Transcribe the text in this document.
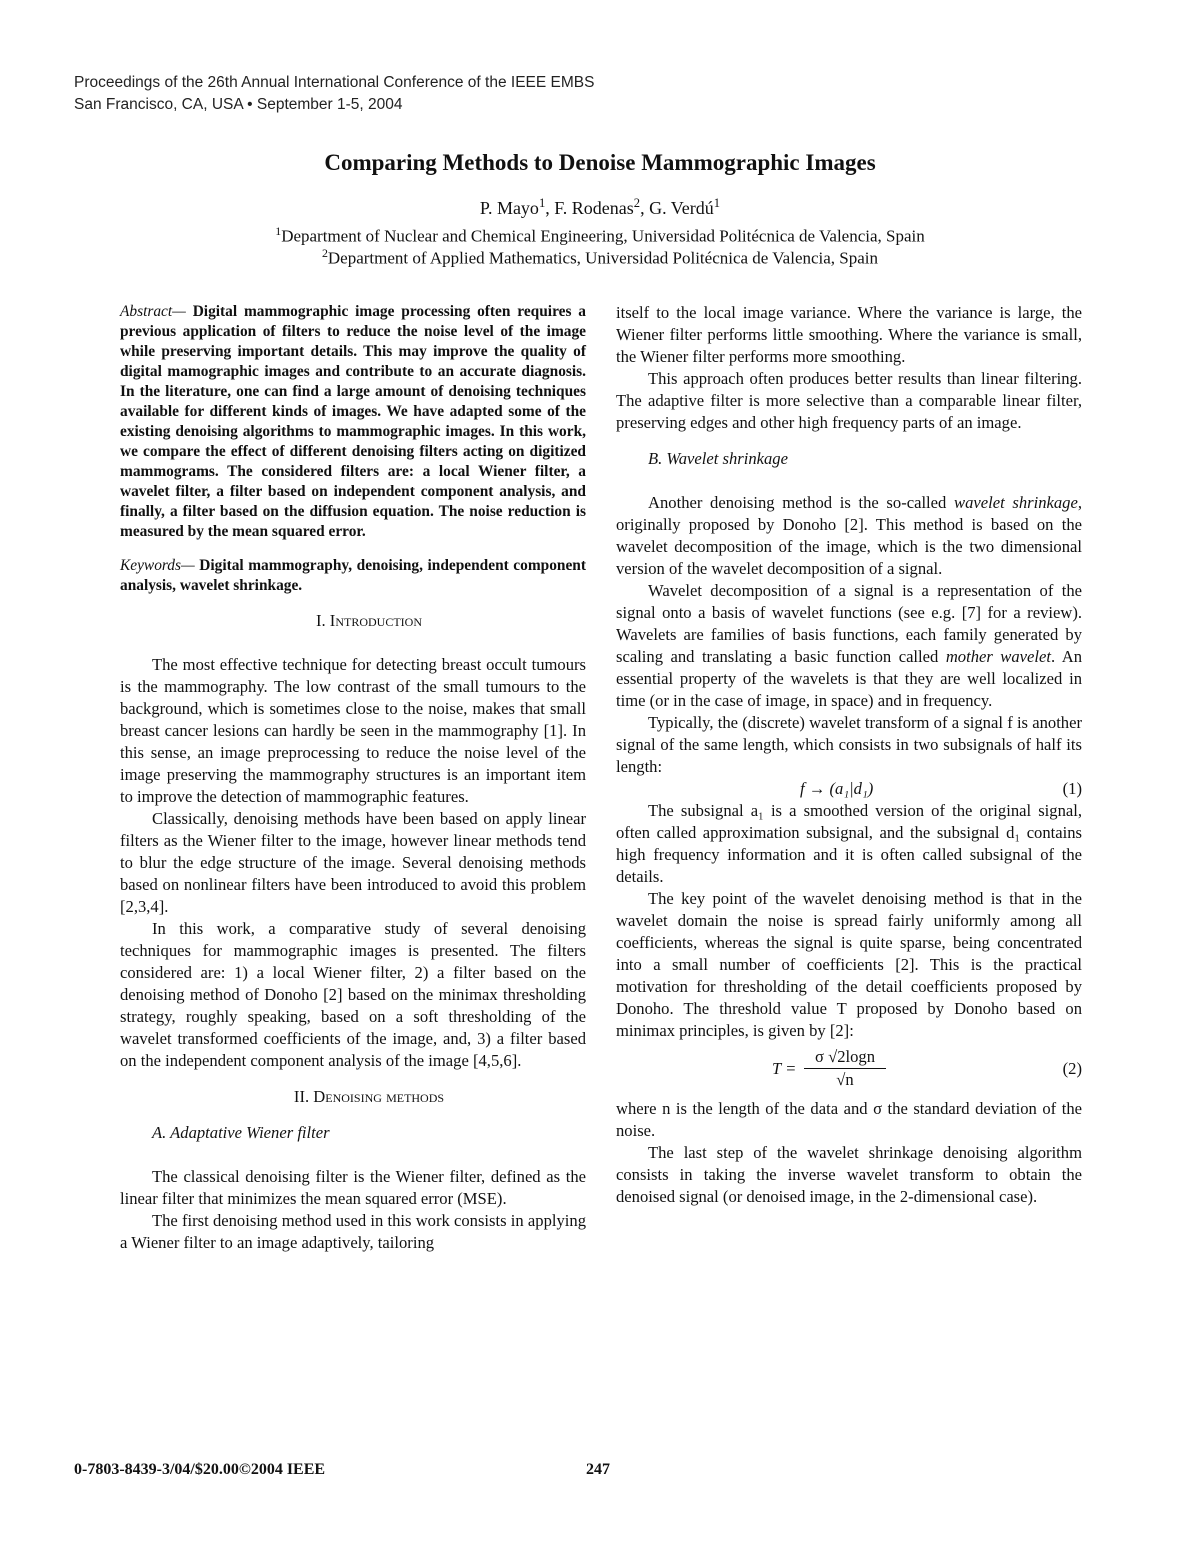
Proceedings of the 26th Annual International Conference of the IEEE EMBS
San Francisco, CA, USA • September 1-5, 2004
Comparing Methods to Denoise Mammographic Images
P. Mayo$^1$, F. Rodenas$^2$, G. Verdú$^1$
$^1$Department of Nuclear and Chemical Engineering, Universidad Politécnica de Valencia, Spain
$^2$Department of Applied Mathematics, Universidad Politécnica de Valencia, Spain

Abstract— Digital mammographic image processing often requires a previous application of filters to reduce the noise level of the image while preserving important details. This may improve the quality of digital mamographic images and contribute to an accurate diagnosis. In the literature, one can find a large amount of denoising techniques available for different kinds of images. We have adapted some of the existing denoising algorithms to mammographic images. In this work, we compare the effect of different denoising filters acting on digitized mammograms. The considered filters are: a local Wiener filter, a wavelet filter, a filter based on independent component analysis, and finally, a filter based on the diffusion equation. The noise reduction is measured by the mean squared error.

Keywords— Digital mammography, denoising, independent component analysis, wavelet shrinkage.

I. Introduction

The most effective technique for detecting breast occult tumours is the mammography. The low contrast of the small tumours to the background, which is sometimes close to the noise, makes that small breast cancer lesions can hardly be seen in the mammography [1]. In this sense, an image preprocessing to reduce the noise level of the image preserving the mammography structures is an important item to improve the detection of mammographic features.

Classically, denoising methods have been based on apply linear filters as the Wiener filter to the image, however linear methods tend to blur the edge structure of the image. Several denoising methods based on nonlinear filters have been introduced to avoid this problem [2,3,4].

In this work, a comparative study of several denoising techniques for mammographic images is presented. The filters considered are: 1) a local Wiener filter, 2) a filter based on the denoising method of Donoho [2] based on the minimax thresholding strategy, roughly speaking, based on a soft thresholding of the wavelet transformed coefficients of the image, and, 3) a filter based on the independent component analysis of the image [4,5,6].

II. Denoising methods

A. Adaptative Wiener filter

The classical denoising filter is the Wiener filter, defined as the linear filter that minimizes the mean squared error (MSE).

The first denoising method used in this work consists in applying a Wiener filter to an image adaptively, tailoring

itself to the local image variance. Where the variance is large, the Wiener filter performs little smoothing. Where the variance is small, the Wiener filter performs more smoothing.

This approach often produces better results than linear filtering. The adaptive filter is more selective than a comparable linear filter, preserving edges and other high frequency parts of an image.

B. Wavelet shrinkage

Another denoising method is the so-called wavelet shrinkage, originally proposed by Donoho [2]. This method is based on the wavelet decomposition of the image, which is the two dimensional version of the wavelet decomposition of a signal.

Wavelet decomposition of a signal is a representation of the signal onto a basis of wavelet functions (see e.g. [7] for a review). Wavelets are families of basis functions, each family generated by scaling and translating a basic function called mother wavelet. An essential property of the wavelets is that they are well localized in time (or in the case of image, in space) and in frequency.

Typically, the (discrete) wavelet transform of a signal f is another signal of the same length, which consists in two subsignals of half its length:

f → (a₁|d₁)	(1)

The subsignal a₁ is a smoothed version of the original signal, often called approximation subsignal, and the subsignal d₁ contains high frequency information and it is often called subsignal of the details.

The key point of the wavelet denoising method is that in the wavelet domain the noise is spread fairly uniformly among all coefficients, whereas the signal is quite sparse, being concentrated into a small number of coefficients [2]. This is the practical motivation for thresholding of the detail coefficients proposed by Donoho. The threshold value T proposed by Donoho based on minimax principles, is given by [2]:

$T = \frac{\sigma √2\log n}{√n}$	(2)

where n is the length of the data and σ the standard deviation of the noise.

The last step of the wavelet shrinkage denoising algorithm consists in taking the inverse wavelet transform to obtain the denoised signal (or denoised image, in the 2-dimensional case).

0-7803-8439-3/04/$20.00©2004 IEEE	247
